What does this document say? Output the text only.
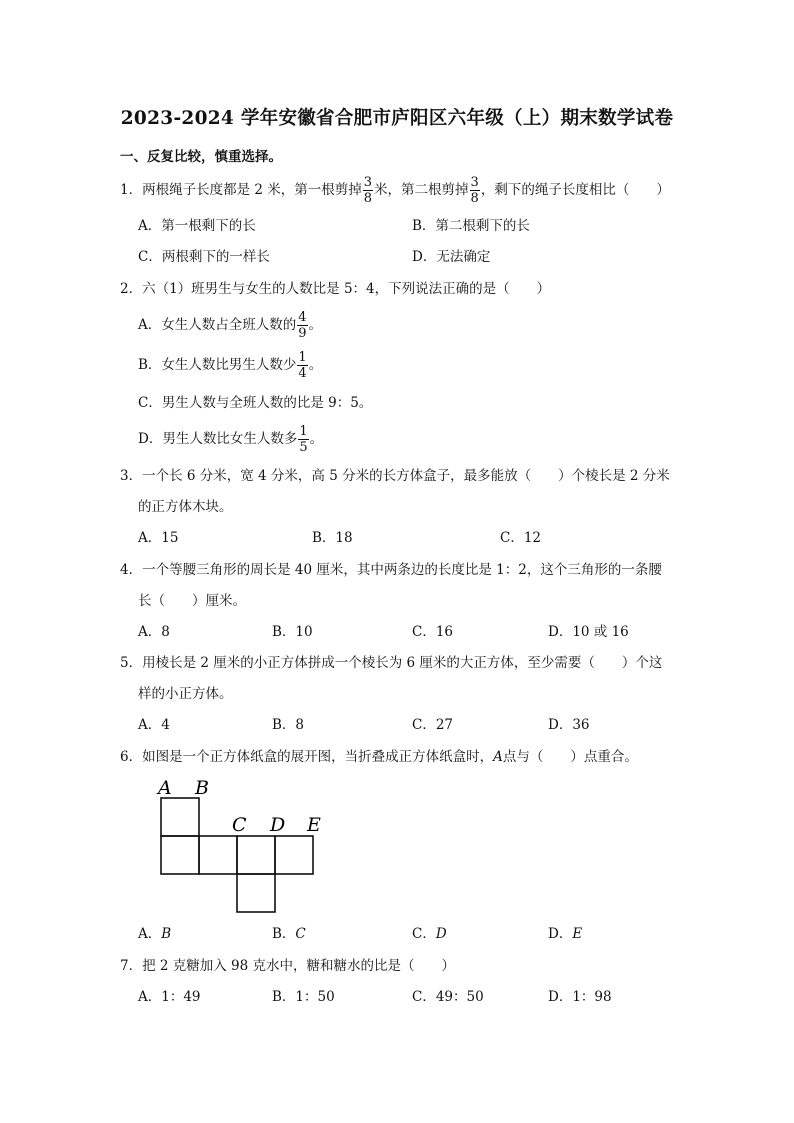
2023-2024 学年安徽省合肥市庐阳区六年级（上）期末数学试卷
一、反复比较，慎重选择。
1．两根绳子长度都是 2 米，第一根剪掉 $\frac{3}{8}$ 米，第二根剪掉 $\frac{3}{8}$ ，剩下的绳子长度相比（　　）
A．第一根剩下的长	B．第二根剩下的长
C．两根剩下的一样长	D．无法确定
2．六（1）班男生与女生的人数比是 5：4，下列说法正确的是（　　）
A．女生人数占全班人数的 $\frac{4}{9}$ 。
B．女生人数比男生人数少 $\frac{1}{4}$ 。
C．男生人数与全班人数的比是 9：5。
D．男生人数比女生人数多 $\frac{1}{5}$ 。
3．一个长 6 分米，宽 4 分米，高 5 分米的长方体盒子，最多能放（　　）个棱长是 2 分米
的正方体木块。
A．15	B．18	C．12
4．一个等腰三角形的周长是 40 厘米，其中两条边的长度比是 1：2，这个三角形的一条腰
长（　　）厘米。
A．8	B．10	C．16	D．10 或 16
5．用棱长是 2 厘米的小正方体拼成一个棱长为 6 厘米的大正方体，至少需要（　　）个这
样的小正方体。
A．4	B．8	C．27	D．36
6．如图是一个正方体纸盒的展开图，当折叠成正方体纸盒时，A点与（　　）点重合。
A B
C D E
A．B	B．C	C．D	D．E
7．把 2 克糖加入 98 克水中，糖和糖水的比是（　　）
A．1：49	B．1：50	C．49：50	D．1：98
